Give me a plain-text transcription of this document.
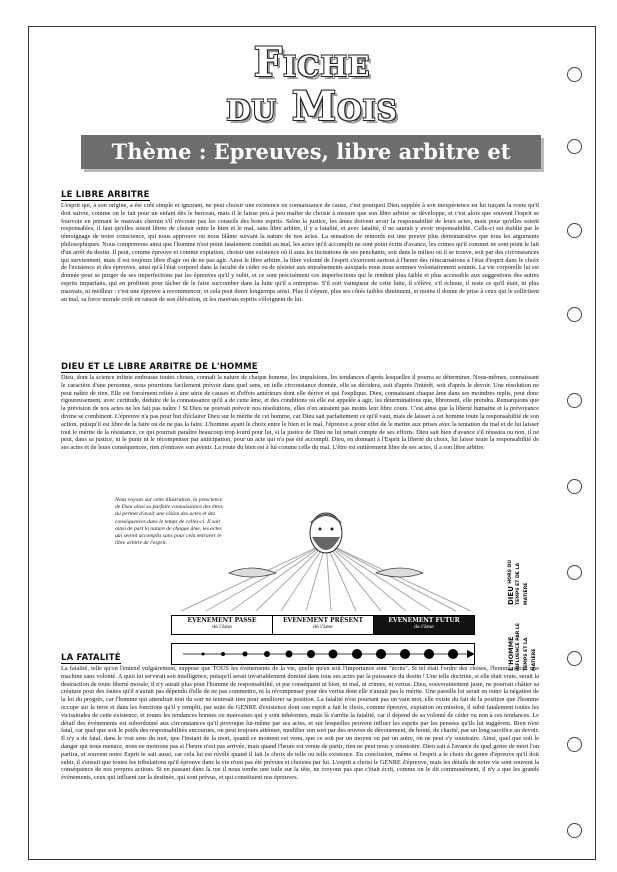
Fiche
du Mois
Thème : Epreuves, libre arbitre et fatalité
LE LIBRE ARBITRE

L'esprit qui, à son origine, a été créé simple et ignorant, ne peut choisir une existence en connaissance de cause, c'est pourquoi Dieu supplée à son inexpérience en lui traçant la route qu'il doit suivre, comme on le fait pour un enfant dès le berceau, mais il le laisse peu à peu maître de choisir à mesure que son libre arbitre se développe, et c'est alors que souvent l'esprit se fourvoie en prenant le mauvais chemin s'il n'écoute pas les conseils des bons esprits. Selon la justice, les âmes doivent avoir la responsabilité de leurs actes, mais pour qu'elles soient responsables, il faut qu'elles soient libres de choisir entre le bien et le mal, sans libre arbitre, il y a fatalité, et avec fatalité, il ne saurait y avoir responsabilité. Celle-ci est établie par le témoignage de notre conscience, qui nous approuve ou nous blâme suivant la nature de nos actes. La sensation de remords est une preuve plus démonstrative que tous les arguments philosophiques. Nous comprenons ainsi que l'homme n'est point fatalement conduit au mal, les actes qu'il accomplit ne sont point écrits d'avance, les crimes qu'il commet ne sont point le fait d'un arrêt du destin. Il peut, comme épreuve et comme expiation, choisir une existence où il aura les incitations de ses penchants, soit dans le milieu où il se trouve, soit par des circonstances qui surviennent, mais il est toujours libre d'agir ou de ne pas agir. Ainsi le libre arbitre, la libre volonté de l'esprit s'exercent surtout à l'heure des réincarnations à l'état d'esprit dans le choix de l'existence et des épreuves, ainsi qu'à l'état corporel dans la faculté de céder ou de résister aux entraînements auxquels nous nous sommes volontairement soumis. La vie corporelle lui est donnée pour se purger de ses imperfections par les épreuves qu'il y subit, et ce sont précisément ces imperfections qui le rendent plus faible et plus accessible aux suggestions des autres esprits imparfaits, qui en profitent pour tâcher de le faire succomber dans la lutte qu'il a entreprise. S'il sort vainqueur de cette lutte, il s'élève, s'il échoue, il reste ce qu'il était, ni plus mauvais, ni meilleur : c'est une épreuve à recommencer, et cela peut durer longtemps ainsi. Plus il s'épure, plus ses côtés faibles diminuent, et moins il donne de prise à ceux qui le sollicitent au mal, sa force morale croît en raison de son élévation, et les mauvais esprits s'éloignent de lui.

DIEU ET LE LIBRE ARBITRE DE L'HOMME

Dieu, dont la science infinie embrasse toutes choses, connaît la nature de chaque homme, les impulsions, les tendances d'après lesquelles il pourra se déterminer. Nous-mêmes, connaissant le caractère d'une personne, nous pourrions facilement prévoir dans quel sens, en telle circonstance donnée, elle se décidera, soit d'après l'intérêt, soit d'après le devoir. Une résolution ne peut naître de rien. Elle est forcément reliée à une série de causes et d'effets antérieurs dont elle dérive et qui l'explique. Dieu, connaissant chaque âme dans ses moindres replis, peut donc rigoureusement, avec certitude, déduire de la connaissance qu'il a de cette âme, et des conditions où elle est appelée à agir, les déterminations que, librement, elle prendra. Remarquons que la prévision de nos actes ne les fait pas naître ! Si Dieu ne pouvait prévoir nos résolutions, elles n'en auraient pas moins leur libre cours. C'est ainsi que la liberté humaine et la prévoyance divine se combinent. L'épreuve n'a pas pour but d'éclairer Dieu sur le mérite de cet homme, car Dieu sait parfaitement ce qu'il vaut, mais de laisser à cet homme toute la responsabilité de son action, puisqu'il est libre de la faire ou de ne pas la faire. L'homme ayant le choix entre le bien et le mal, l'épreuve a pour effet de le mettre aux prises avec la tentation du mal et de lui laisser tout le mérite de la résistance, ce qui pourrait paraître beaucoup trop lourd pour lui, si la justice de Dieu ne lui tenait compte de ses efforts. Dieu sait bien d'avance s'il réussira ou non, il ne peut, dans sa justice, ni le punir ni le récompenser par anticipation, pour un acte qui n'a pas été accompli. Dieu, en donnant à l'Esprit la liberté du choix, lui laisse toute la responsabilité de ses actes et de leurs conséquences, rien n'entrave son avenir. La route du bien est à lui comme celle du mal. L'être est entièrement libre de ses actes, il a son libre arbitre.

Nous voyons sur cette illustration, la prescience de Dieu ainsi sa parfaite connaissance des êtres lui permet d'avoir une vision des actes et des conséquences dans le temps de celles-ci. Il sait ainsi de part la nature de chaque âme, les actes qui seront accomplis sans pour cela entraver le libre arbitre de l'esprit.
EVENEMENT PASSE
de l'âme
EVENEMENT PRÉSENT
de l'âme
EVENEMENT FUTUR
de l'âme
DIEU HORS DU TEMPS ET DE LA MATIÈRE
L'HOMME INFLUENCÉ PAR LE TEMPS ET LA MATIÈRE
LA FATALITÉ

La fatalité, telle qu'on l'entend vulgairement, suppose que TOUS les événements de la vie, quelle qu'en soit l'importance sont "écrits". Si tel était l'ordre des choses, l'homme serait une machine sans volonté. A quoi lui servirait son intelligence, puisqu'il serait invariablement dominé dans tous ses actes par la puissance du destin ! Une telle doctrine, si elle était vraie, serait la destruction de toute liberté morale, il n'y aurait plus pour l'homme de responsabilité, et par conséquent ni bien, ni mal, ni crimes, ni vertus. Dieu, souverainement juste, ne pourrait châtier sa créature pour des fautes qu'il n'aurait pas dépendu d'elle de ne pas commettre, ni la récompenser pour des vertus dont elle n'aurait pas le mérite. Une pareille loi serait en outre la négation de la loi du progrès, car l'homme qui attendrait tout du sort ne tenterait rien pour améliorer sa position. La fatalité n'est pourtant pas un vain mot, elle existe du fait de la position que l'homme occupe sur la terre et dans les fonctions qu'il y remplit, par suite du GENRE d'existence dont son esprit a fait le choix, comme épreuve, expiation ou mission, il subit fatalement toutes les vicissitudes de cette existence, et toutes les tendances bonnes ou mauvaises qui y sont inhérentes, mais là s'arrête la fatalité, car il dépend de sa volonté de céder ou non à ces tendances. Le détail des événements est subordonné aux circonstances qu'il provoque lui-même par ses actes, et sur lesquelles peuvent influer les esprits par les pensées qu'ils lui suggèrent. Rien n'est fatal, car quel que soit le poids des responsabilités encourues, on peut toujours atténuer, modifier son sort par des œuvres de dévouement, de bonté, de charité, par un long sacrifice au devoir. Il n'y a de fatal, dans le vrai sens du mot, que l'instant de la mort, quand ce moment est venu, que ce soit par un moyen ou par un autre, on ne peut s'y soustraire. Ainsi, quel que soit le danger qui nous menace, nous ne mourons pas si l'heure n'est pas arrivée, mais quand l'heure est venue de partir, rien ne peut nous y soustraire. Dieu sait à l'avance de quel genre de mort l'on partira, et souvent notre Esprit le sait aussi, car cela lui est révélé quand il fait le choix de telle ou telle existence. En conclusion, même si l'esprit a le choix du genre d'épreuve qu'il doit subir, il s'ensuit que toutes les tribulations qu'il éprouve dans la vie n'ont pas été prévues et choisies par lui. L'esprit a choisi le GENRE d'épreuve, mais les détails de notre vie sont souvent la conséquence de nos propres actions. Si en passant dans la rue il nous tombe une tuile sur la tête, ne croyons pas que c'était écrit, comme on le dit communément, il n'y a que les grands événements, ceux qui influent sur la destinée, qui sont prévus, et qui constituent nos épreuves.
